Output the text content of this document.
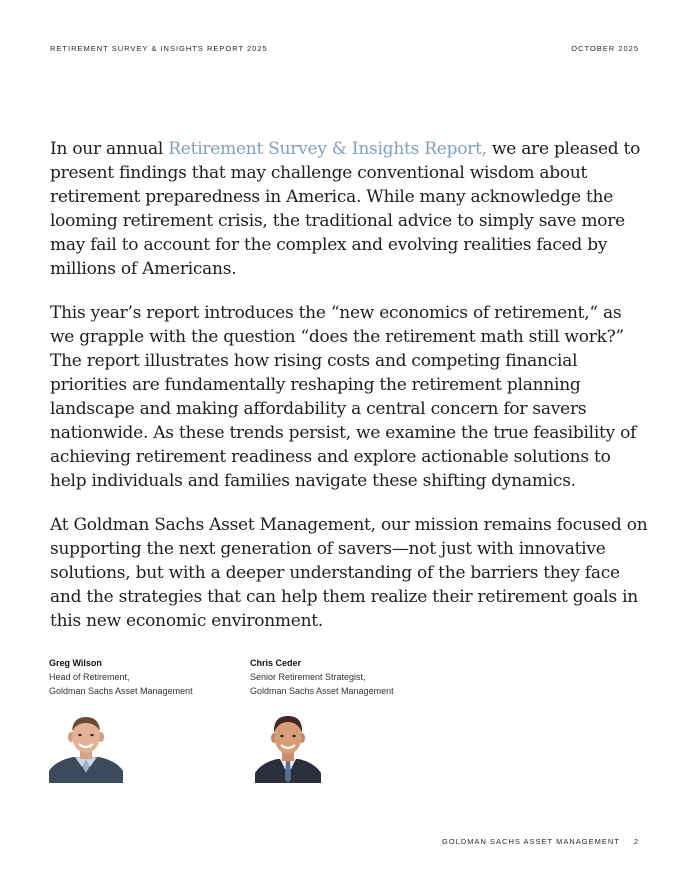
RETIREMENT SURVEY & INSIGHTS REPORT 2025	OCTOBER 2025

In our annual Retirement Survey & Insights Report, we are pleased to present findings that may challenge conventional wisdom about retirement preparedness in America. While many acknowledge the looming retirement crisis, the traditional advice to simply save more may fail to account for the complex and evolving realities faced by millions of Americans.

This year’s report introduces the “new economics of retirement,“ as we grapple with the question “does the retirement math still work?” The report illustrates how rising costs and competing financial priorities are fundamentally reshaping the retirement planning landscape and making affordability a central concern for savers nationwide. As these trends persist, we examine the true feasibility of achieving retirement readiness and explore actionable solutions to help individuals and families navigate these shifting dynamics.

At Goldman Sachs Asset Management, our mission remains focused on supporting the next generation of savers—not just with innovative solutions, but with a deeper understanding of the barriers they face and the strategies that can help them realize their retirement goals in this new economic environment.

Greg Wilson
Head of Retirement,
Goldman Sachs Asset Management
Chris Ceder
Senior Retirement Strategist,
Goldman Sachs Asset Management
GOLDMAN SACHS ASSET MANAGEMENT 2
